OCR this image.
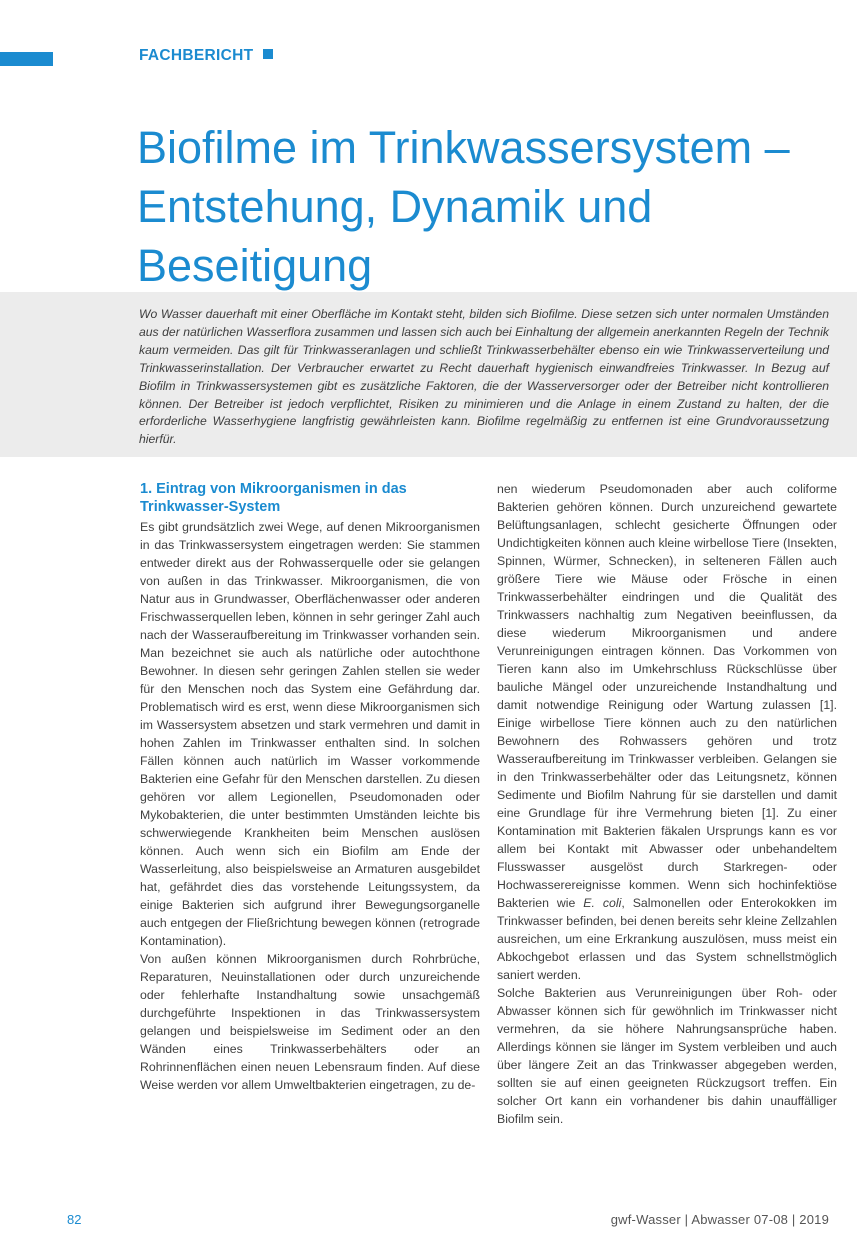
FACHBERICHT
Biofilme im Trinkwassersystem – Entstehung, Dynamik und Beseitigung

Wo Wasser dauerhaft mit einer Oberfläche im Kontakt steht, bilden sich Biofilme. Diese setzen sich unter normalen Umständen aus der natürlichen Wasserflora zusammen und lassen sich auch bei Einhaltung der allgemein anerkannten Regeln der Technik kaum vermeiden. Das gilt für Trinkwasseranlagen und schließt Trinkwasserbehälter ebenso ein wie Trinkwasserverteilung und Trinkwasserinstallation. Der Verbraucher erwartet zu Recht dauerhaft hygienisch einwandfreies Trinkwasser. In Bezug auf Biofilm in Trinkwassersystemen gibt es zusätzliche Faktoren, die der Wasserversorger oder der Betreiber nicht kontrollieren können. Der Betreiber ist jedoch verpflichtet, Risiken zu minimieren und die Anlage in einem Zustand zu halten, der die erforderliche Wasserhygiene langfristig gewährleisten kann. Biofilme regelmäßig zu entfernen ist eine Grundvoraussetzung hierfür.

1. Eintrag von Mikroorganismen in das Trinkwasser-System

Es gibt grundsätzlich zwei Wege, auf denen Mikroorganismen in das Trinkwassersystem eingetragen werden: Sie stammen entweder direkt aus der Rohwasserquelle oder sie gelangen von außen in das Trinkwasser. Mikroorganismen, die von Natur aus in Grundwasser, Oberflächenwasser oder anderen Frischwasserquellen leben, können in sehr geringer Zahl auch nach der Wasseraufbereitung im Trinkwasser vorhanden sein. Man bezeichnet sie auch als natürliche oder autochthone Bewohner. In diesen sehr geringen Zahlen stellen sie weder für den Menschen noch das System eine Gefährdung dar. Problematisch wird es erst, wenn diese Mikroorganismen sich im Wassersystem absetzen und stark vermehren und damit in hohen Zahlen im Trinkwasser enthalten sind. In solchen Fällen können auch natürlich im Wasser vorkommende Bakterien eine Gefahr für den Menschen darstellen. Zu diesen gehören vor allem Legionellen, Pseudomonaden oder Mykobakterien, die unter bestimmten Umständen leichte bis schwerwiegende Krankheiten beim Menschen auslösen können. Auch wenn sich ein Biofilm am Ende der Wasserleitung, also beispielsweise an Armaturen ausgebildet hat, gefährdet dies das vorstehende Leitungssystem, da einige Bakterien sich aufgrund ihrer Bewegungsorganelle auch entgegen der Fließrichtung bewegen können (retrograde Kontamination).

Von außen können Mikroorganismen durch Rohrbrüche, Reparaturen, Neuinstallationen oder durch unzureichende oder fehlerhafte Instandhaltung sowie unsachgemäß durchgeführte Inspektionen in das Trinkwassersystem gelangen und beispielsweise im Sediment oder an den Wänden eines Trinkwasserbehälters oder an Rohrinnenflächen einen neuen Lebensraum finden. Auf diese Weise werden vor allem Umweltbakterien eingetragen, zu de-

nen wiederum Pseudomonaden aber auch coliforme Bakterien gehören können. Durch unzureichend gewartete Belüftungsanlagen, schlecht gesicherte Öffnungen oder Undichtigkeiten können auch kleine wirbellose Tiere (Insekten, Spinnen, Würmer, Schnecken), in selteneren Fällen auch größere Tiere wie Mäuse oder Frösche in einen Trinkwasserbehälter eindringen und die Qualität des Trinkwassers nachhaltig zum Negativen beeinflussen, da diese wiederum Mikroorganismen und andere Verunreinigungen eintragen können. Das Vorkommen von Tieren kann also im Umkehrschluss Rückschlüsse über bauliche Mängel oder unzureichende Instandhaltung und damit notwendige Reinigung oder Wartung zulassen [1]. Einige wirbellose Tiere können auch zu den natürlichen Bewohnern des Rohwassers gehören und trotz Wasseraufbereitung im Trinkwasser verbleiben. Gelangen sie in den Trinkwasserbehälter oder das Leitungsnetz, können Sedimente und Biofilm Nahrung für sie darstellen und damit eine Grundlage für ihre Vermehrung bieten [1]. Zu einer Kontamination mit Bakterien fäkalen Ursprungs kann es vor allem bei Kontakt mit Abwasser oder unbehandeltem Flusswasser ausgelöst durch Starkregen- oder Hochwasserereignisse kommen. Wenn sich hochinfektiöse Bakterien wie E. coli, Salmonellen oder Enterokokken im Trinkwasser befinden, bei denen bereits sehr kleine Zellzahlen ausreichen, um eine Erkrankung auszulösen, muss meist ein Abkochgebot erlassen und das System schnellstmöglich saniert werden.

Solche Bakterien aus Verunreinigungen über Roh- oder Abwasser können sich für gewöhnlich im Trinkwasser nicht vermehren, da sie höhere Nahrungsansprüche haben. Allerdings können sie länger im System verbleiben und auch über längere Zeit an das Trinkwasser abgegeben werden, sollten sie auf einen geeigneten Rückzugsort treffen. Ein solcher Ort kann ein vorhandener bis dahin unauffälliger Biofilm sein.

82	gwf-Wasser | Abwasser 07-08 | 2019
